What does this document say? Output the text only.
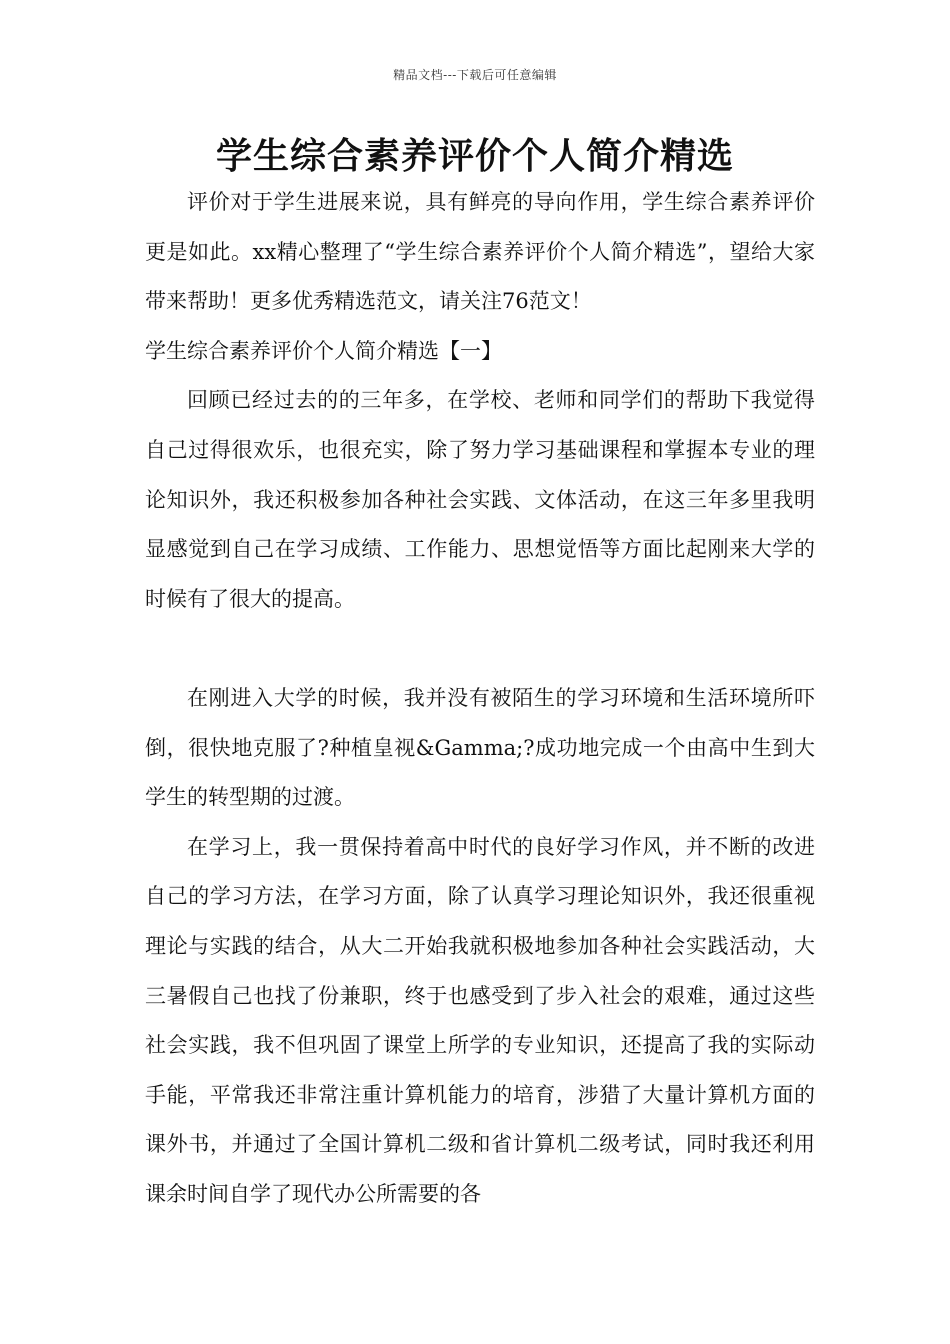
精品文档---下载后可任意编辑
学生综合素养评价个人简介精选

评价对于学生进展来说，具有鲜亮的导向作用，学生综合素养评价更是如此。xx精心整理了“学生综合素养评价个人简介精选”，望给大家带来帮助！更多优秀精选范文，请关注76范文！

学生综合素养评价个人简介精选【一】

回顾已经过去的的三年多，在学校、老师和同学们的帮助下我觉得自己过得很欢乐，也很充实，除了努力学习基础课程和掌握本专业的理论知识外，我还积极参加各种社会实践、文体活动，在这三年多里我明显感觉到自己在学习成绩、工作能力、思想觉悟等方面比起刚来大学的时候有了很大的提高。

在刚进入大学的时候，我并没有被陌生的学习环境和生活环境所吓倒，很快地克服了?种植皇视&Gamma;?成功地完成一个由高中生到大学生的转型期的过渡。

在学习上，我一贯保持着高中时代的良好学习作风，并不断的改进自己的学习方法，在学习方面，除了认真学习理论知识外，我还很重视理论与实践的结合，从大二开始我就积极地参加各种社会实践活动，大三暑假自己也找了份兼职，终于也感受到了步入社会的艰难，通过这些社会实践，我不但巩固了课堂上所学的专业知识，还提高了我的实际动手能，平常我还非常注重计算机能力的培育，涉猎了大量计算机方面的课外书，并通过了全国计算机二级和省计算机二级考试，同时我还利用课余时间自学了现代办公所需要的各
